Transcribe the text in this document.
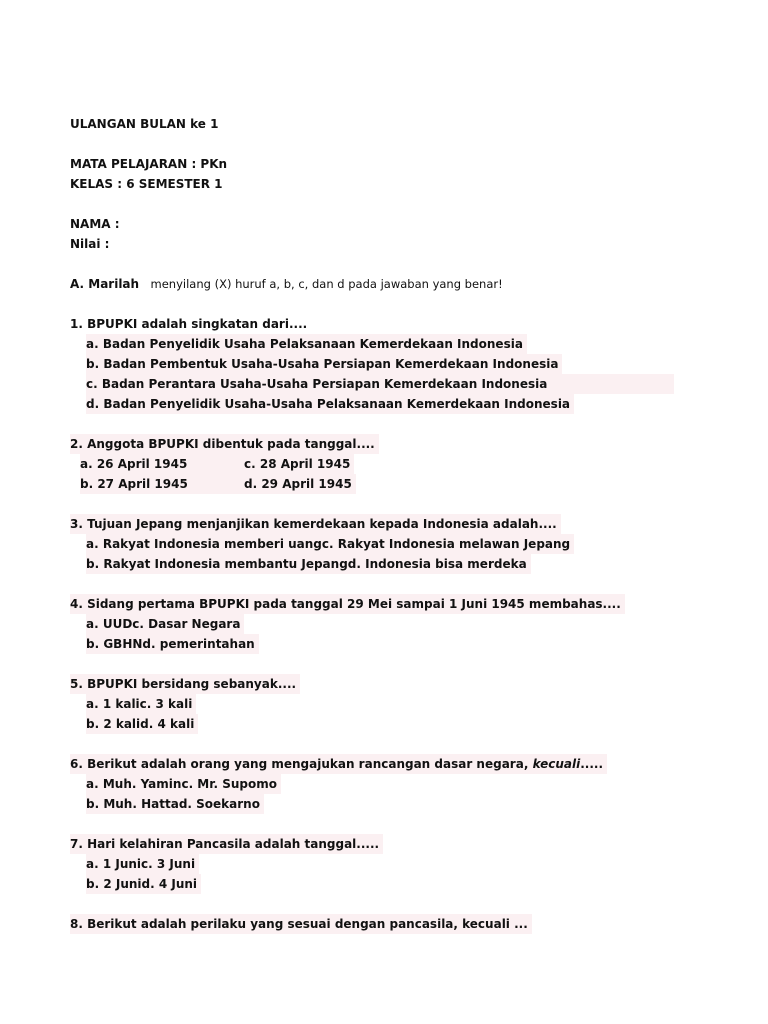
ULANGAN BULAN ke 1
MATA PELAJARAN : PKn
KELAS : 6 SEMESTER 1
NAMA :
Nilai :
A. Marilah menyilang (X) huruf a, b, c, dan d pada jawaban yang benar!
1. BPUPKI adalah singkatan dari....
a. Badan Penyelidik Usaha Pelaksanaan Kemerdekaan Indonesia
b. Badan Pembentuk Usaha-Usaha Persiapan Kemerdekaan Indonesia
c. Badan Perantara Usaha-Usaha Persiapan Kemerdekaan Indonesia
d. Badan Penyelidik Usaha-Usaha Pelaksanaan Kemerdekaan Indonesia
2. Anggota BPUPKI dibentuk pada tanggal....
a. 26 April 1945	c. 28 April 1945
b. 27 April 1945	d. 29 April 1945
3. Tujuan Jepang menjanjikan kemerdekaan kepada Indonesia adalah....
a. Rakyat Indonesia memberi uangc. Rakyat Indonesia melawan Jepang
b. Rakyat Indonesia membantu Jepangd. Indonesia bisa merdeka
4. Sidang pertama BPUPKI pada tanggal 29 Mei sampai 1 Juni 1945 membahas....
a. UUDc. Dasar Negara
b. GBHNd. pemerintahan
5. BPUPKI bersidang sebanyak....
a. 1 kalic. 3 kali
b. 2 kalid. 4 kali
6. Berikut adalah orang yang mengajukan rancangan dasar negara, kecuali.....
a. Muh. Yaminc. Mr. Supomo
b. Muh. Hattad. Soekarno
7. Hari kelahiran Pancasila adalah tanggal.....
a. 1 Junic. 3 Juni
b. 2 Junid. 4 Juni
8. Berikut adalah perilaku yang sesuai dengan pancasila, kecuali ...
